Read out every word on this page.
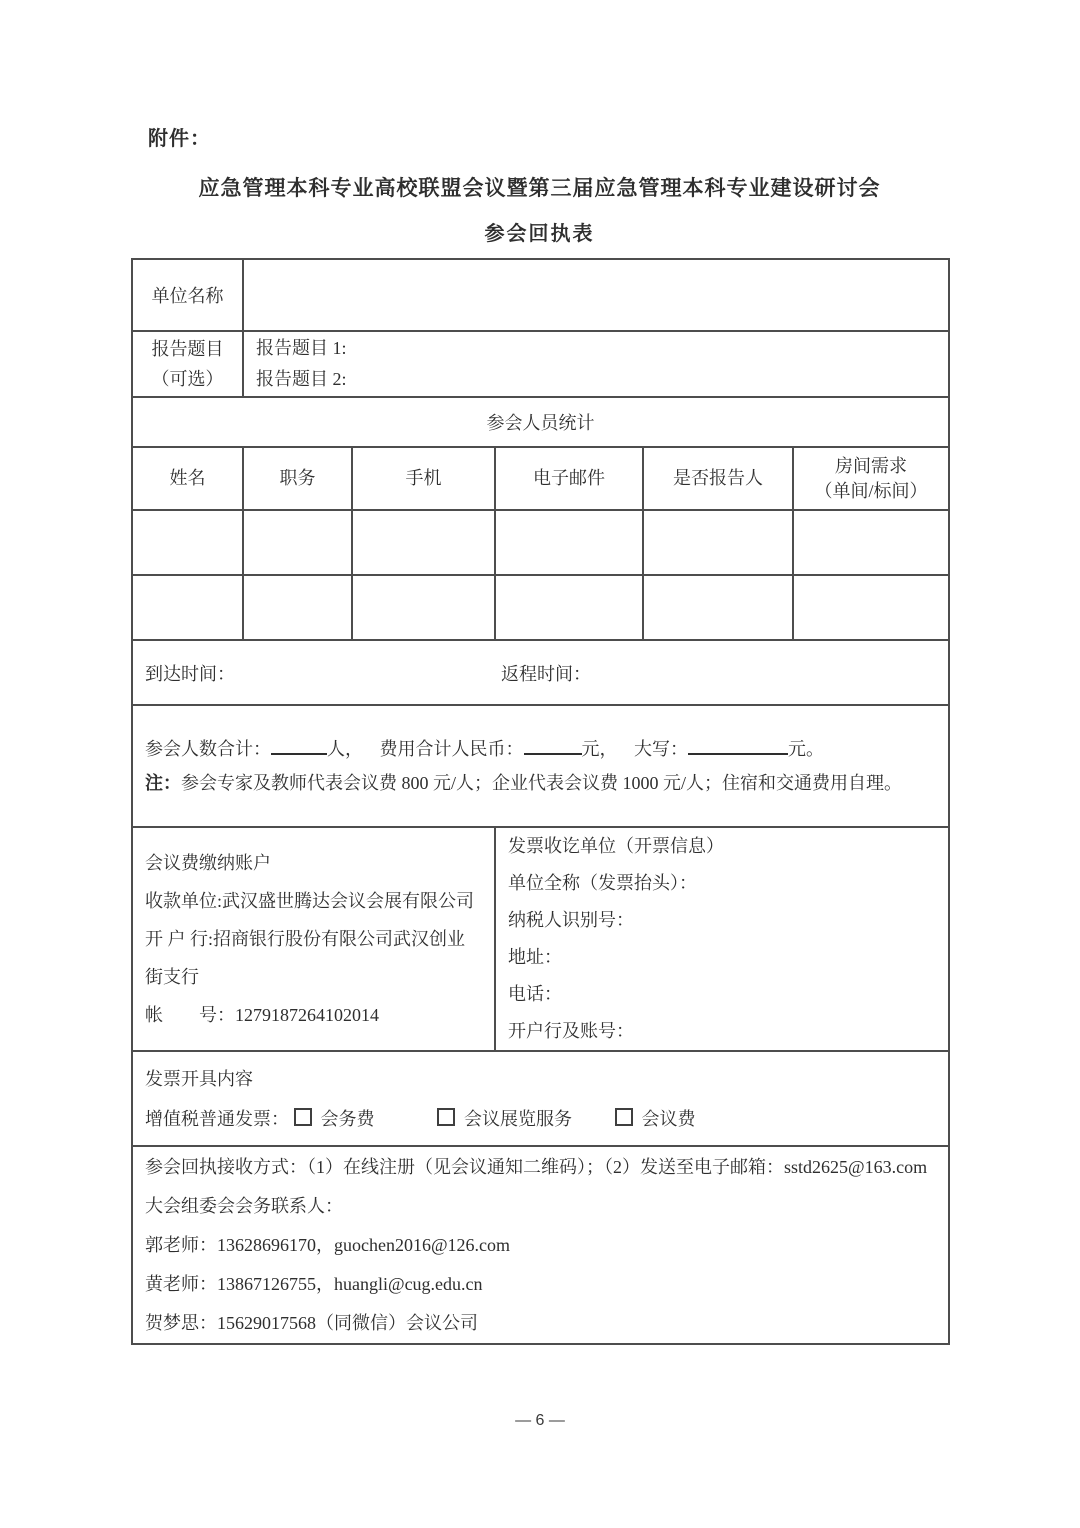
附件：
应急管理本科专业高校联盟会议暨第三届应急管理本科专业建设研讨会
参会回执表
单位名称					

报告题目
（可选）	报告题目 1:
报告题目 2:				

参会人员统计					
姓名	职务	手机	电子邮件	是否报告人	房间需求
（单间/标间）

到达时间： 返程时间：					

参会人数合计： 人， 费用合计人民币： 元， 大写： 元。
注：参会专家及教师代表会议费 800 元/人；企业代表会议费 1000 元/人；住宿和交通费用自理。					

会议费缴纳账户
收款单位:武汉盛世腾达会议会展有限公司
开 户 行:招商银行股份有限公司武汉创业街支行
帐　　号：1279187264102014

发票收讫单位（开票信息）
单位全称（发票抬头）：
纳税人识别号：
地址：
电话：
开户行及账号：

发票开具内容
增值税普通发票： 会务费 会议展览服务 会议费					

参会回执接收方式：（1）在线注册（见会议通知二维码）；（2）发送至电子邮箱：sstd2625@163.com
大会组委会会务联系人：
郭老师：13628696170，guochen2016@126.com
黄老师：13867126755，huangli@cug.edu.cn
贺梦思：15629017568（同微信）会议公司					
— 6 —
